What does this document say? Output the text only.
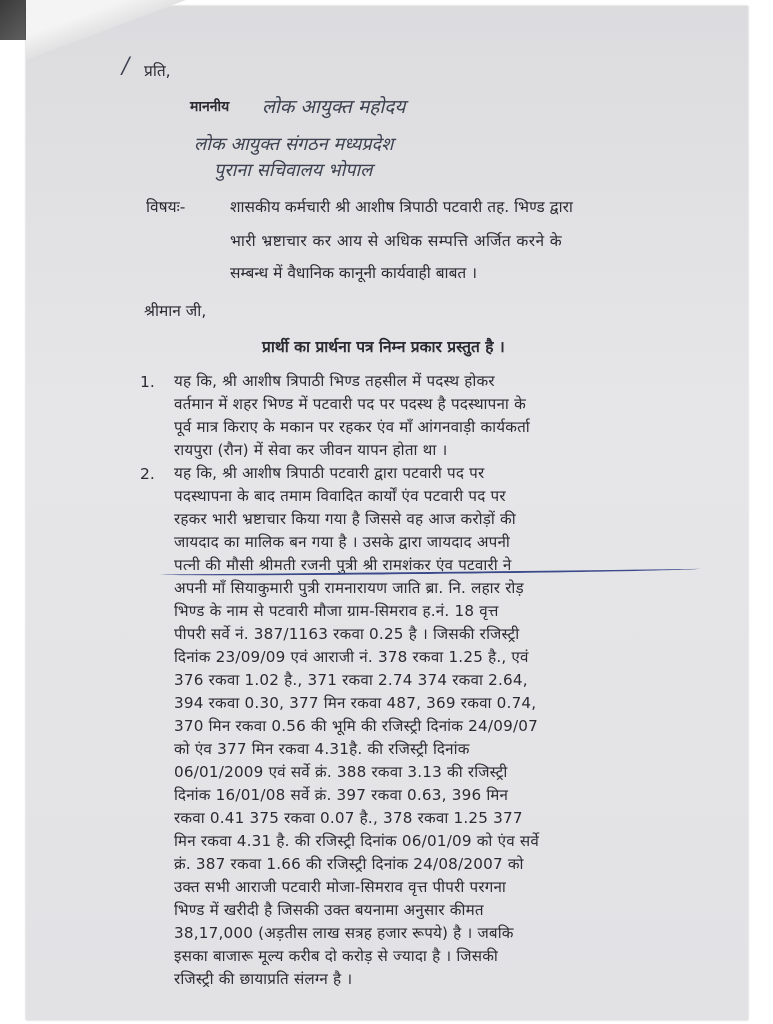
/ प्रति,
माननीय लोक आयुक्त महोदय
लोक आयुक्त संगठन मध्यप्रदेश
पुराना सचिवालय भोपाल
विषयः-	शासकीय कर्मचारी श्री आशीष त्रिपाठी पटवारी तह. भिण्ड द्वारा
भारी भ्रष्टाचार कर आय से अधिक सम्पत्ति अर्जित करने के
सम्बन्ध में वैधानिक कानूनी कार्यवाही बाबत ।
श्रीमान जी,
प्रार्थी का प्रार्थना पत्र निम्न प्रकार प्रस्तुत है ।
1. यह कि, श्री आशीष त्रिपाठी भिण्ड तहसील में पदस्थ होकर
वर्तमान में शहर भिण्ड में पटवारी पद पर पदस्थ है पदस्थापना के
पूर्व मात्र किराए के मकान पर रहकर एंव माँ आंगनवाड़ी कार्यकर्ता
रायपुरा (रौन) में सेवा कर जीवन यापन होता था ।
2. यह कि, श्री आशीष त्रिपाठी पटवारी द्वारा पटवारी पद पर
पदस्थापना के बाद तमाम विवादित कार्यों एंव पटवारी पद पर
रहकर भारी भ्रष्टाचार किया गया है जिससे वह आज करोड़ों की
जायदाद का मालिक बन गया है । उसके द्वारा जायदाद अपनी
पत्नी की मौसी श्रीमती रजनी पुत्री श्री रामशंकर एंव पटवारी ने
अपनी माँ सियाकुमारी पुत्री रामनारायण जाति ब्रा. नि. लहार रोड़
भिण्ड के नाम से पटवारी मौजा ग्राम-सिमराव ह.नं. 18 वृत्त
पीपरी सर्वे नं. 387/1163 रकवा 0.25 है । जिसकी रजिस्ट्री
दिनांक 23/09/09 एवं आराजी नं. 378 रकवा 1.25 है., एवं
376 रकवा 1.02 है., 371 रकवा 2.74 374 रकवा 2.64,
394 रकवा 0.30, 377 मिन रकवा 487, 369 रकवा 0.74,
370 मिन रकवा 0.56 की भूमि की रजिस्ट्री दिनांक 24/09/07
को एंव 377 मिन रकवा 4.31है. की रजिस्ट्री दिनांक
06/01/2009 एवं सर्वे क्रं. 388 रकवा 3.13 की रजिस्ट्री
दिनांक 16/01/08 सर्वे क्रं. 397 रकवा 0.63, 396 मिन
रकवा 0.41 375 रकवा 0.07 है., 378 रकवा 1.25 377
मिन रकवा 4.31 है. की रजिस्ट्री दिनांक 06/01/09 को एंव सर्वे
क्रं. 387 रकवा 1.66 की रजिस्ट्री दिनांक 24/08/2007 को
उक्त सभी आराजी पटवारी मोजा-सिमराव वृत्त पीपरी परगना
भिण्ड में खरीदी है जिसकी उक्त बयनामा अनुसार कीमत
38,17,000 (अड़तीस लाख सत्रह हजार रूपये) है । जबकि
इसका बाजारू मूल्य करीब दो करोड़ से ज्यादा है । जिसकी
रजिस्ट्री की छायाप्रति संलग्न है ।
